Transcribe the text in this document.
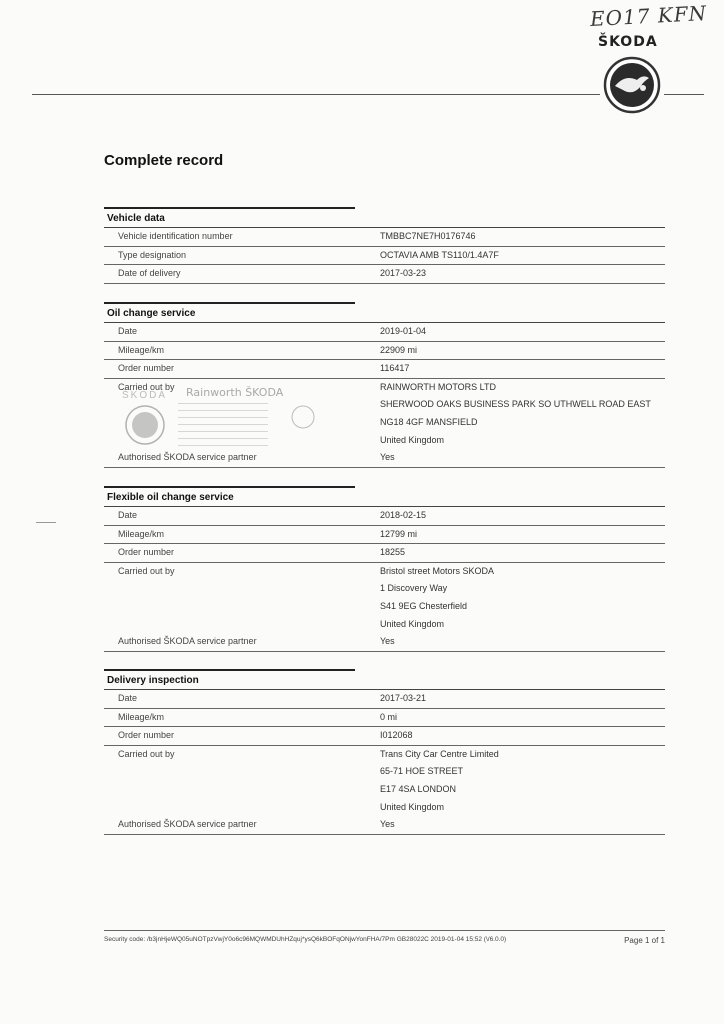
EO17 KFN
ŠKODA
Complete record
Vehicle data
Vehicle identification number	TMBBC7NE7H0176746
Type designation	OCTAVIA AMB TS110/1.4A7F
Date of delivery	2017-03-23
Oil change service
Date	2019-01-04
Mileage/km	22909 mi
Order number	116417
Carried out by	RAINWORTH MOTORS LTD
SHERWOOD OAKS BUSINESS PARK SO UTHWELL ROAD EAST
NG18 4GF MANSFIELD
United Kingdom
Authorised ŠKODA service partner	Yes
ŠKODA Rainworth ŠKODA
Flexible oil change service
Date	2018-02-15
Mileage/km	12799 mi
Order number	18255
Carried out by	Bristol street Motors SKODA
1 Discovery Way
S41 9EG Chesterfield
United Kingdom
Authorised ŠKODA service partner	Yes
Delivery inspection
Date	2017-03-21
Mileage/km	0 mi
Order number	I012068
Carried out by	Trans City Car Centre Limited
65-71 HOE STREET
E17 4SA LONDON
United Kingdom
Authorised ŠKODA service partner	Yes
Security code: /b3jnHjeWQ05uNOTpzVwjY0o6c96MQWMDUhHZquj*ysQ6kBOFqONjwYonFHA/7Pm GB28022C 2019-01-04 15:52 (\/6.0.0)	Page 1 of 1
